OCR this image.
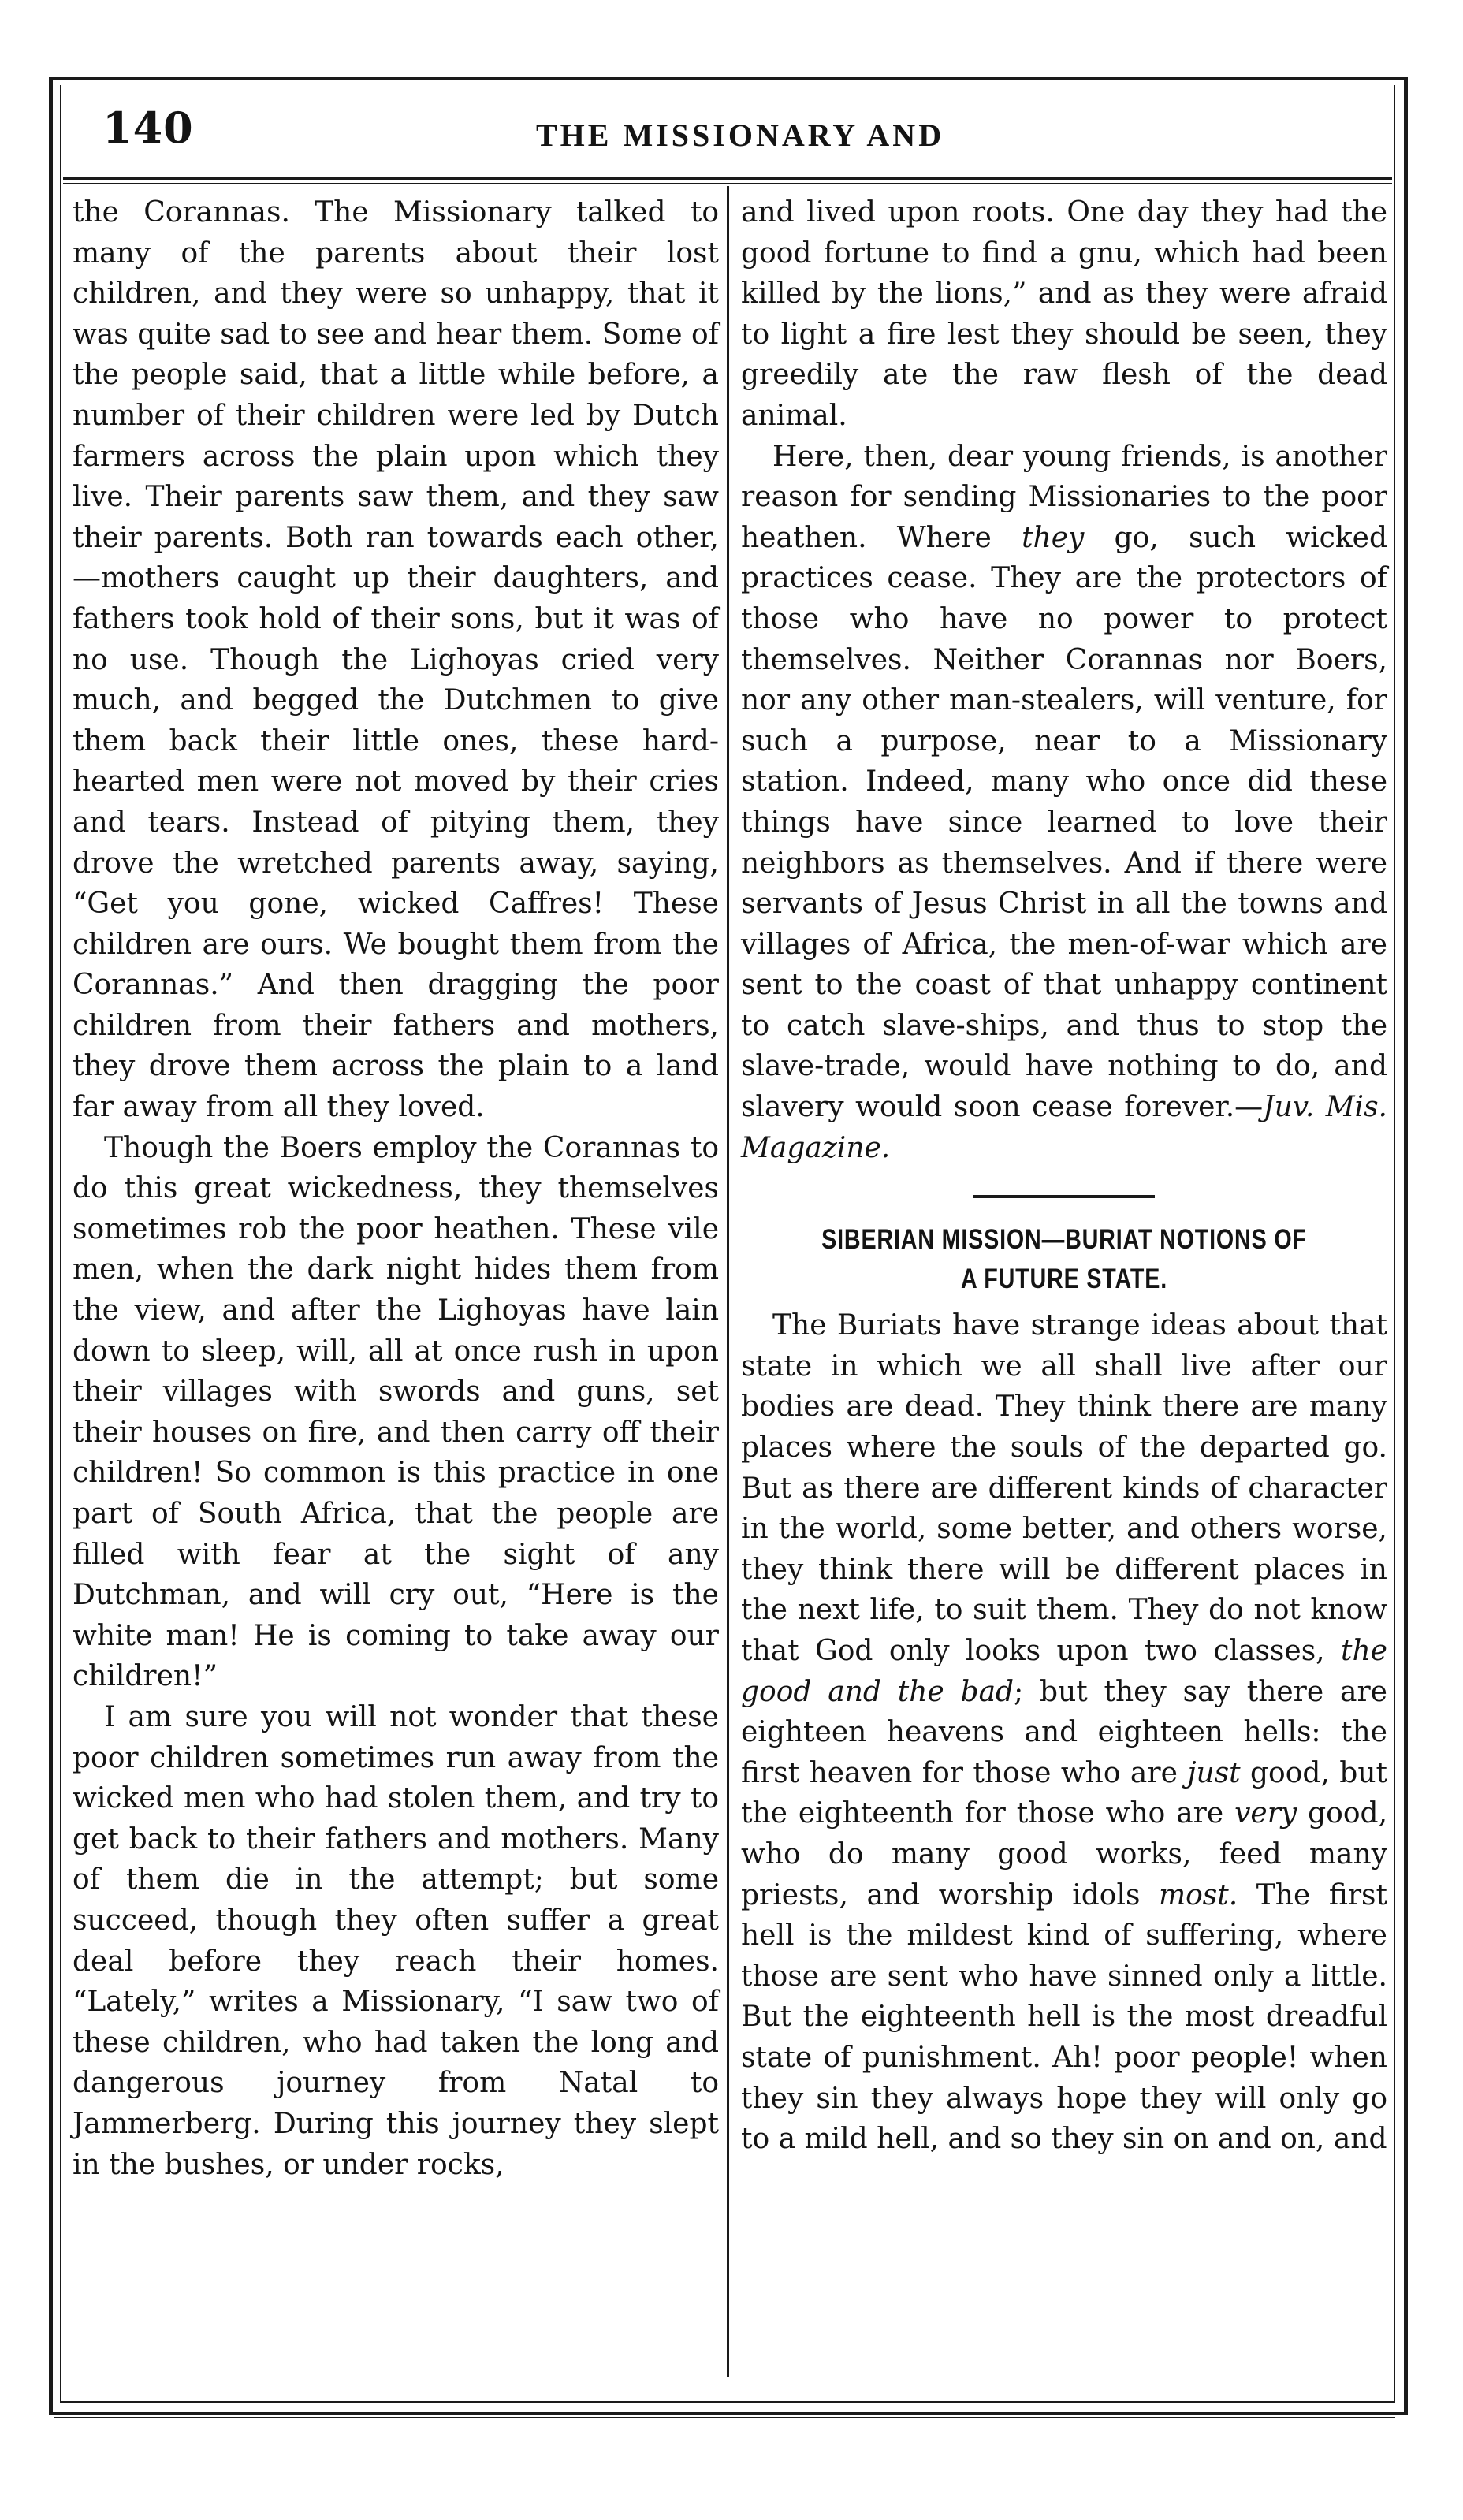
140	THE MISSIONARY AND

the Corannas. The Missionary talked to many of the parents about their lost children, and they were so unhappy, that it was quite sad to see and hear them. Some of the people said, that a little while before, a number of their children were led by Dutch farmers across the plain upon which they live. Their parents saw them, and they saw their parents. Both ran towards each other,—mothers caught up their daughters, and fathers took hold of their sons, but it was of no use. Though the Lighoyas cried very much, and begged the Dutchmen to give them back their little ones, these hard-hearted men were not moved by their cries and tears. Instead of pitying them, they drove the wretched parents away, saying, “Get you gone, wicked Caffres! These children are ours. We bought them from the Corannas.” And then dragging the poor children from their fathers and mothers, they drove them across the plain to a land far away from all they loved.

Though the Boers employ the Corannas to do this great wickedness, they themselves sometimes rob the poor heathen. These vile men, when the dark night hides them from the view, and after the Lighoyas have lain down to sleep, will, all at once rush in upon their villages with swords and guns, set their houses on fire, and then carry off their children! So common is this practice in one part of South Africa, that the people are filled with fear at the sight of any Dutchman, and will cry out, “Here is the white man! He is coming to take away our children!”

I am sure you will not wonder that these poor children sometimes run away from the wicked men who had stolen them, and try to get back to their fathers and mothers. Many of them die in the attempt; but some succeed, though they often suffer a great deal before they reach their homes. “Lately,” writes a Missionary, “I saw two of these children, who had taken the long and dangerous journey from Natal to Jammerberg. During this journey they slept in the bushes, or under rocks,

and lived upon roots. One day they had the good fortune to find a gnu, which had been killed by the lions,” and as they were afraid to light a fire lest they should be seen, they greedily ate the raw flesh of the dead animal.

Here, then, dear young friends, is another reason for sending Missionaries to the poor heathen. Where they go, such wicked practices cease. They are the protectors of those who have no power to protect themselves. Neither Corannas nor Boers, nor any other man-stealers, will venture, for such a purpose, near to a Missionary station. Indeed, many who once did these things have since learned to love their neighbors as themselves. And if there were servants of Jesus Christ in all the towns and villages of Africa, the men-of-war which are sent to the coast of that unhappy continent to catch slave-ships, and thus to stop the slave-trade, would have nothing to do, and slavery would soon cease forever.—Juv. Mis. Magazine.

SIBERIAN MISSION—BURIAT NOTIONS OF
A FUTURE STATE.

The Buriats have strange ideas about that state in which we all shall live after our bodies are dead. They think there are many places where the souls of the departed go. But as there are different kinds of character in the world, some better, and others worse, they think there will be different places in the next life, to suit them. They do not know that God only looks upon two classes, the good and the bad; but they say there are eighteen heavens and eighteen hells: the first heaven for those who are just good, but the eighteenth for those who are very good, who do many good works, feed many priests, and worship idols most. The first hell is the mildest kind of suffering, where those are sent who have sinned only a little. But the eighteenth hell is the most dreadful state of punishment. Ah! poor people! when they sin they always hope they will only go to a mild hell, and so they sin on and on, and
